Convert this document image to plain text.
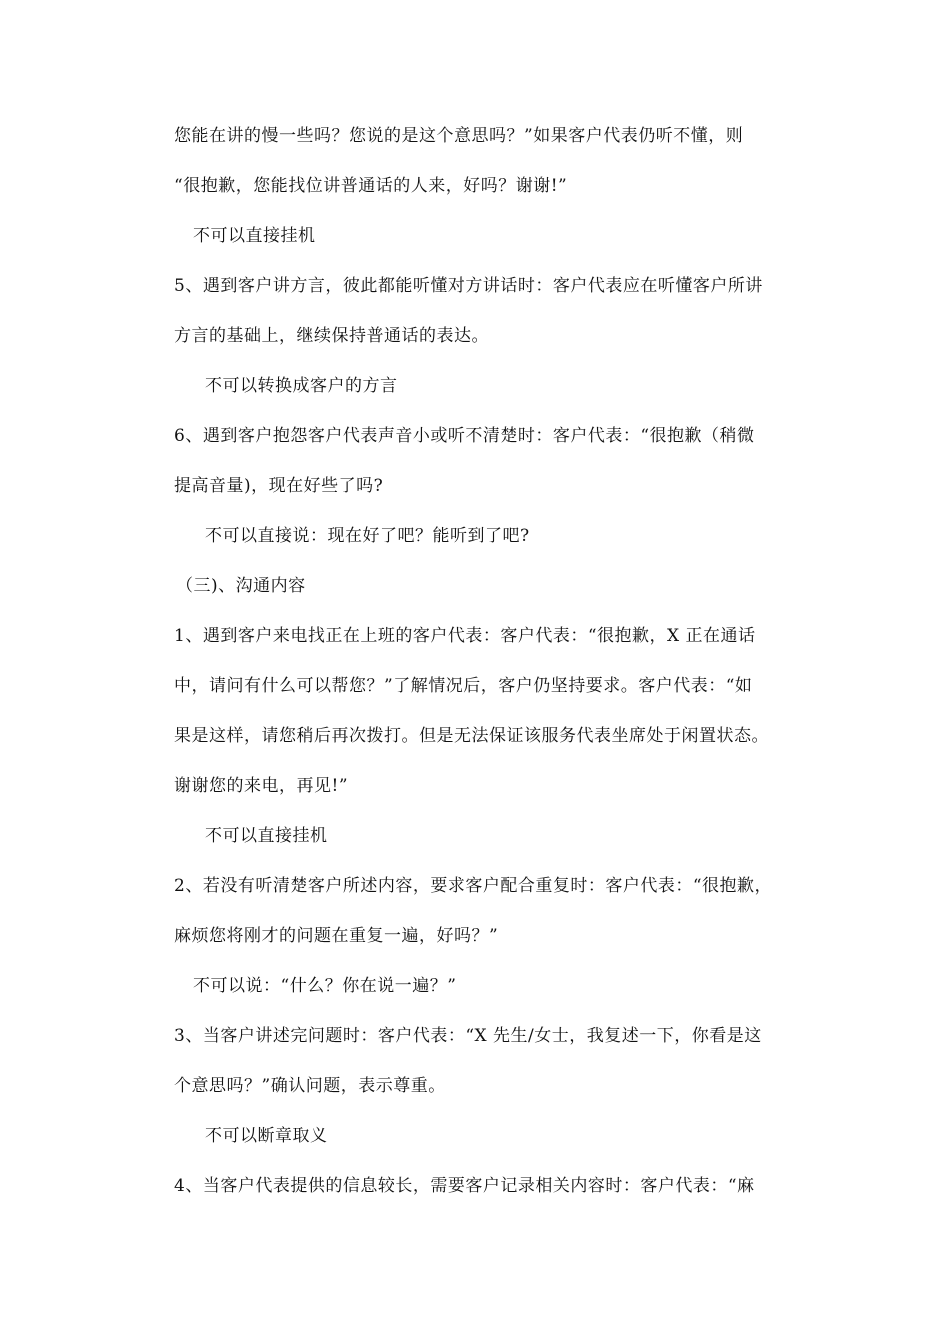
您能在讲的慢一些吗？您说的是这个意思吗？”如果客户代表仍听不懂，则
“很抱歉，您能找位讲普通话的人来，好吗？谢谢!”
不可以直接挂机
5、遇到客户讲方言，彼此都能听懂对方讲话时：客户代表应在听懂客户所讲
方言的基础上，继续保持普通话的表达。
不可以转换成客户的方言
6、遇到客户抱怨客户代表声音小或听不清楚时：客户代表：“很抱歉（稍微
提高音量)，现在好些了吗?
不可以直接说：现在好了吧？能听到了吧?
（三)、沟通内容
1、遇到客户来电找正在上班的客户代表：客户代表：“很抱歉，X 正在通话
中，请问有什么可以帮您？”了解情况后，客户仍坚持要求。客户代表：“如
果是这样，请您稍后再次拨打。但是无法保证该服务代表坐席处于闲置状态。
谢谢您的来电，再见!”
不可以直接挂机
2、若没有听清楚客户所述内容，要求客户配合重复时：客户代表：“很抱歉，
麻烦您将刚才的问题在重复一遍，好吗？”
不可以说：“什么？你在说一遍？”
3、当客户讲述完问题时：客户代表：“X 先生/女士，我复述一下，你看是这
个意思吗？”确认问题，表示尊重。
不可以断章取义
4、当客户代表提供的信息较长，需要客户记录相关内容时：客户代表：“麻
